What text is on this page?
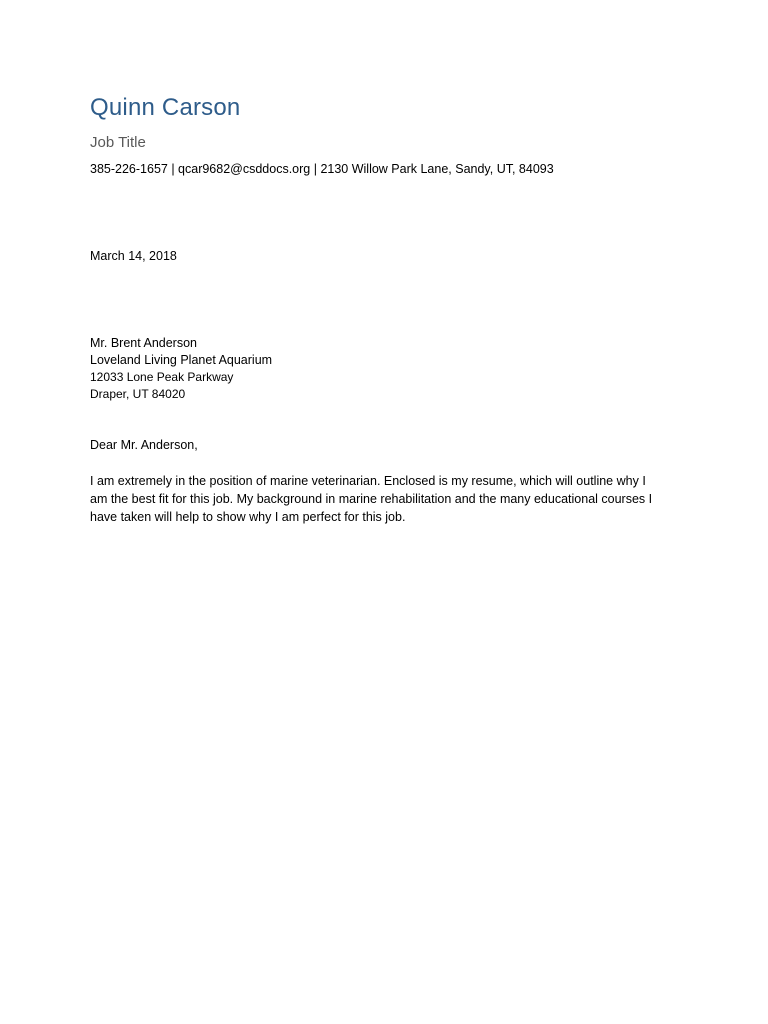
Quinn Carson
Job Title
385-226-1657 | qcar9682@csddocs.org | 2130 Willow Park Lane, Sandy, UT, 84093
March 14, 2018
Mr. Brent Anderson
Loveland Living Planet Aquarium
12033 Lone Peak Parkway
Draper, UT 84020
Dear Mr. Anderson,
I am extremely in the position of marine veterinarian. Enclosed is my resume, which will outline why I
am the best fit for this job. My background in marine rehabilitation and the many educational courses I
have taken will help to show why I am perfect for this job.
